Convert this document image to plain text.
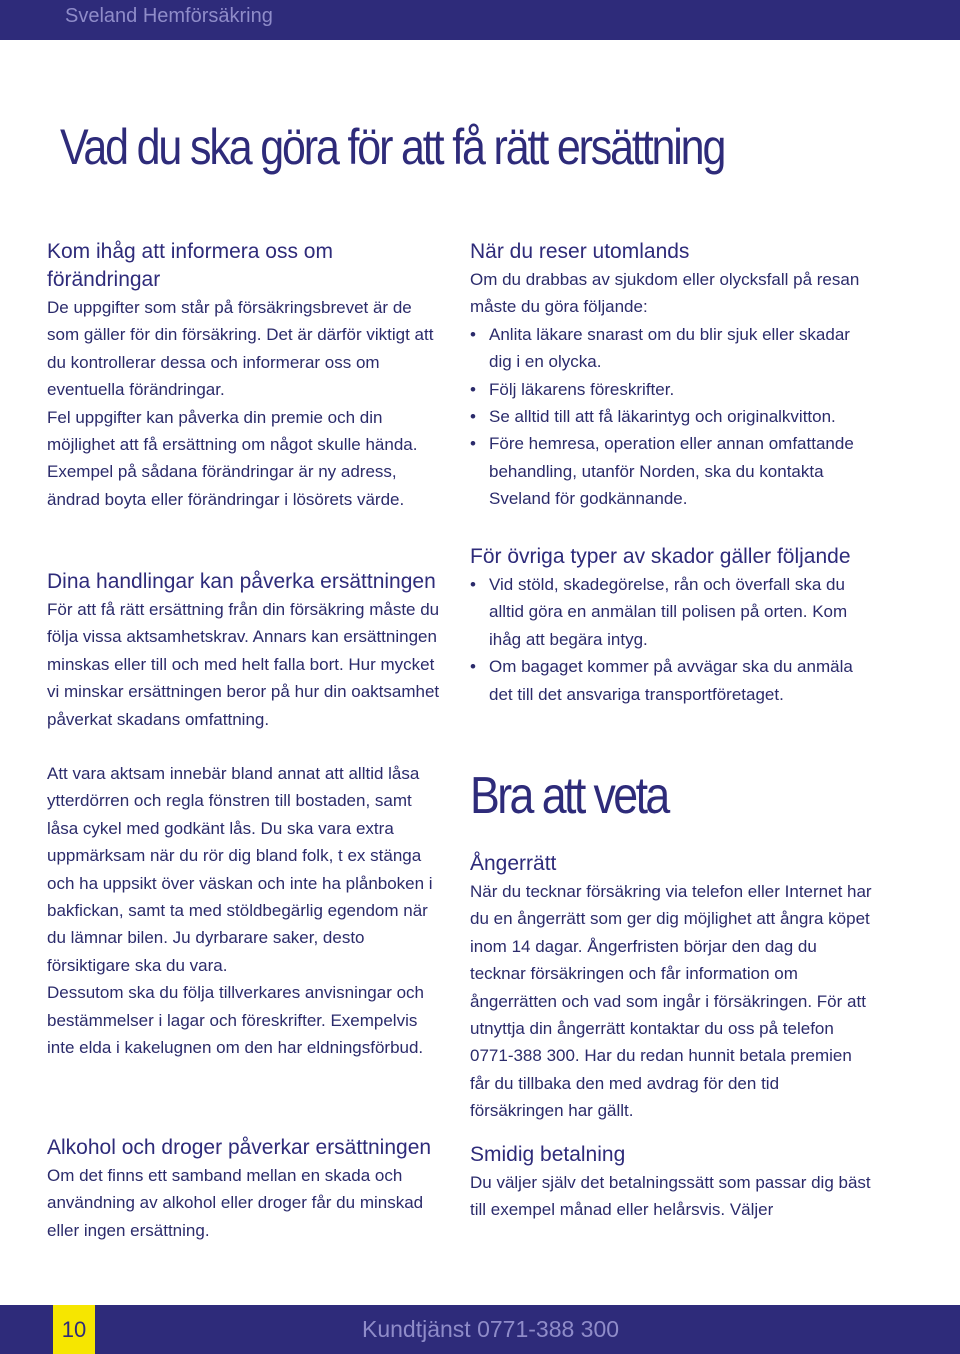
Sveland Hemförsäkring
Vad du ska göra för att få rätt ersättning
Kom ihåg att informera oss om förändringar

De uppgifter som står på försäkringsbrevet är de som gäller för din försäkring. Det är därför viktigt att du kontrollerar dessa och informerar oss om eventuella förändringar.

Fel uppgifter kan påverka din premie och din möjlighet att få ersättning om något skulle hända. Exempel på sådana förändringar är ny adress, ändrad boyta eller förändringar i lösörets värde.

Dina handlingar kan påverka ersättningen

För att få rätt ersättning från din försäkring måste du följa vissa aktsamhetskrav. Annars kan ersättningen minskas eller till och med helt falla bort. Hur mycket vi minskar ersättningen beror på hur din oaktsamhet påverkat skadans omfattning.

Att vara aktsam innebär bland annat att alltid låsa ytterdörren och regla fönstren till bostaden, samt låsa cykel med godkänt lås. Du ska vara extra uppmärksam när du rör dig bland folk, t ex stänga och ha uppsikt över väskan och inte ha plånboken i bakfickan, samt ta med stöldbegärlig egendom när du lämnar bilen. Ju dyrbarare saker, desto försiktigare ska du vara.

Dessutom ska du följa tillverkares anvisningar och bestämmelser i lagar och föreskrifter. Exempelvis inte elda i kakelugnen om den har eldningsförbud.

Alkohol och droger påverkar ersättningen

Om det finns ett samband mellan en skada och användning av alkohol eller droger får du minskad eller ingen ersättning.

När du reser utomlands

Om du drabbas av sjukdom eller olycksfall på resan måste du göra följande:

• Anlita läkare snarast om du blir sjuk eller skadar dig i en olycka.
• Följ läkarens föreskrifter.
• Se alltid till att få läkarintyg och originalkvitton.
• Före hemresa, operation eller annan omfattande behandling, utanför Norden, ska du kontakta Sveland för godkännande.
För övriga typer av skador gäller följande
• Vid stöld, skadegörelse, rån och överfall ska du alltid göra en anmälan till polisen på orten. Kom ihåg att begära intyg.
• Om bagaget kommer på avvägar ska du anmäla det till det ansvariga transportföretaget.
Bra att veta
Ångerrätt

När du tecknar försäkring via telefon eller Internet har du en ångerrätt som ger dig möjlighet att ångra köpet inom 14 dagar. Ångerfristen börjar den dag du tecknar försäkringen och får information om ångerrätten och vad som ingår i försäkringen. För att utnyttja din ångerrätt kontaktar du oss på telefon 0771-388 300. Har du redan hunnit betala premien får du tillbaka den med avdrag för den tid försäkringen har gällt.

Smidig betalning

Du väljer själv det betalningssätt som passar dig bäst till exempel månad eller helårsvis. Väljer

10	Kundtjänst 0771-388 300
